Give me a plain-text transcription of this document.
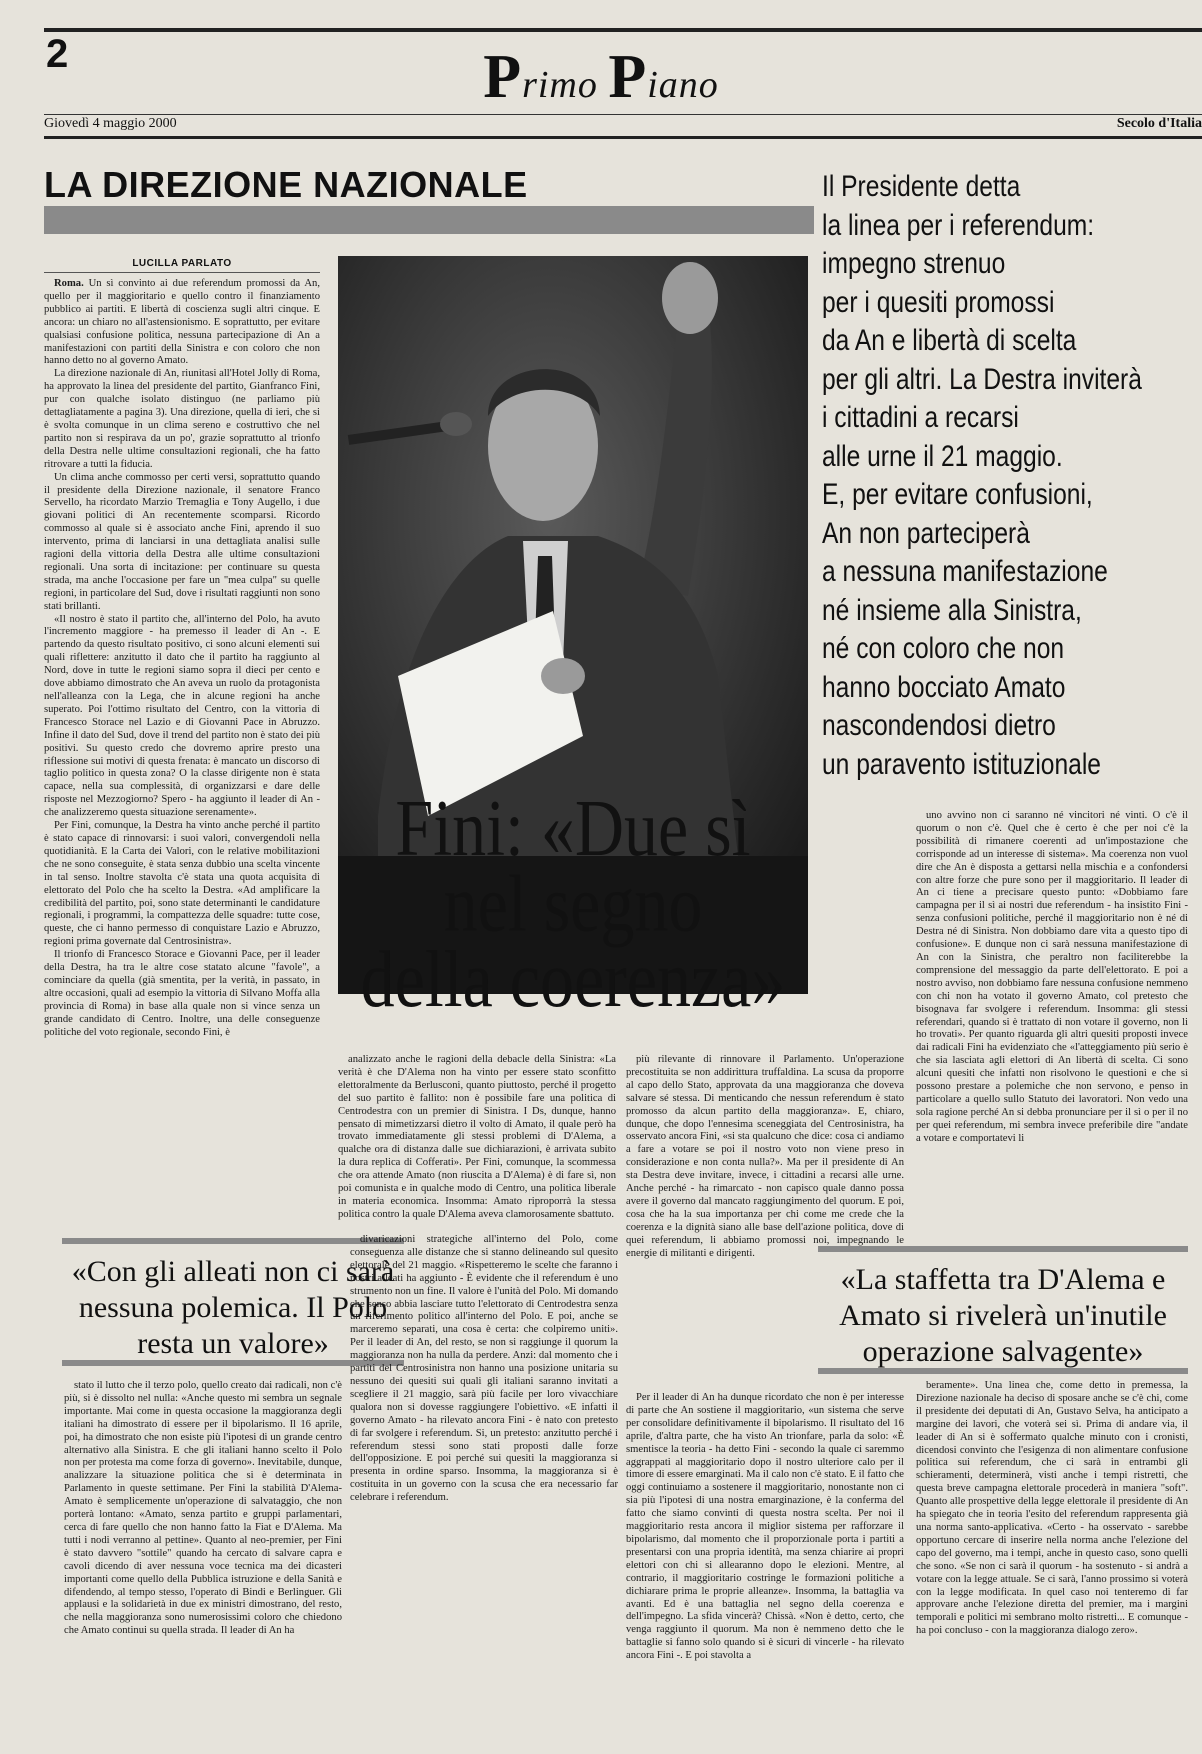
2	Primo Piano
Giovedì 4 maggio 2000	Secolo d'Italia
LA DIREZIONE NAZIONALE	Il Presidente detta
la linea per i referendum:
impegno strenuo
per i quesiti promossi
da An e libertà di scelta
per gli altri. La Destra inviterà
i cittadini a recarsi
alle urne il 21 maggio.
E, per evitare confusioni,
An non parteciperà
a nessuna manifestazione
né insieme alla Sinistra,
né con coloro che non
hanno bocciato Amato
nascondendosi dietro
un paravento istituzionale
LUCILLA PARLATO

Roma. Un sì convinto ai due referendum promossi da An, quello per il maggioritario e quello contro il finanziamento pubblico ai partiti. E libertà di coscienza sugli altri cinque. E ancora: un chiaro no all'astensionismo. E soprattutto, per evitare qualsiasi confusione politica, nessuna partecipazione di An a manifestazioni con partiti della Sinistra e con coloro che non hanno detto no al governo Amato.

La direzione nazionale di An, riunitasi all'Hotel Jolly di Roma, ha approvato la linea del presidente del partito, Gianfranco Fini, pur con qualche isolato distinguo (ne parliamo più dettagliatamente a pagina 3). Una direzione, quella di ieri, che si è svolta comunque in un clima sereno e costruttivo che nel partito non si respirava da un po', grazie soprattutto al trionfo della Destra nelle ultime consultazioni regionali, che ha fatto ritrovare a tutti la fiducia.

Un clima anche commosso per certi versi, soprattutto quando il presidente della Direzione nazionale, il senatore Franco Servello, ha ricordato Marzio Tremaglia e Tony Augello, i due giovani politici di An recentemente scomparsi. Ricordo commosso al quale si è associato anche Fini, aprendo il suo intervento, prima di lanciarsi in una dettagliata analisi sulle ragioni della vittoria della Destra alle ultime consultazioni regionali. Una sorta di incitazione: per continuare su questa strada, ma anche l'occasione per fare un "mea culpa" su quelle regioni, in particolare del Sud, dove i risultati raggiunti non sono stati brillanti.

«Il nostro è stato il partito che, all'interno del Polo, ha avuto l'incremento maggiore - ha premesso il leader di An -. E partendo da questo risultato positivo, ci sono alcuni elementi sui quali riflettere: anzitutto il dato che il partito ha raggiunto al Nord, dove in tutte le regioni siamo sopra il dieci per cento e dove abbiamo dimostrato che An aveva un ruolo da protagonista nell'alleanza con la Lega, che in alcune regioni ha anche superato. Poi l'ottimo risultato del Centro, con la vittoria di Francesco Storace nel Lazio e di Giovanni Pace in Abruzzo. Infine il dato del Sud, dove il trend del partito non è stato dei più positivi. Su questo credo che dovremo aprire presto una riflessione sui motivi di questa frenata: è mancato un discorso di taglio politico in questa zona? O la classe dirigente non è stata capace, nella sua complessità, di organizzarsi e dare delle risposte nel Mezzogiorno? Spero - ha aggiunto il leader di An - che analizzeremo questa situazione serenamente».

Per Fini, comunque, la Destra ha vinto anche perché il partito è stato capace di rinnovarsi: i suoi valori, convergendoli nella quotidianità. E la Carta dei Valori, con le relative mobilitazioni che ne sono conseguite, è stata senza dubbio una scelta vincente in tal senso. Inoltre stavolta c'è stata una quota acquisita di elettorato del Polo che ha scelto la Destra. «Ad amplificare la credibilità del partito, poi, sono state determinanti le candidature regionali, i programmi, la compattezza delle squadre: tutte cose, queste, che ci hanno permesso di conquistare Lazio e Abruzzo, regioni prima governate dal Centrosinistra».

Il trionfo di Francesco Storace e Giovanni Pace, per il leader della Destra, ha tra le altre cose statato alcune "favole", a cominciare da quella (già smentita, per la verità, in passato, in altre occasioni, quali ad esempio la vittoria di Silvano Moffa alla provincia di Roma) in base alla quale non si vince senza un grande candidato di Centro. Inoltre, una delle conseguenze politiche del voto regionale, secondo Fini, è

Fini: «Due sì
nel segno
della coerenza»

analizzato anche le ragioni della debacle della Sinistra: «La verità è che D'Alema non ha vinto per essere stato sconfitto elettoralmente da Berlusconi, quanto piuttosto, perché il progetto del suo partito è fallito: non è possibile fare una politica di Centrodestra con un premier di Sinistra. I Ds, dunque, hanno pensato di mimetizzarsi dietro il volto di Amato, il quale però ha trovato immediatamente gli stessi problemi di D'Alema, a qualche ora di distanza dalle sue dichiarazioni, è arrivata subito la dura replica di Cofferati». Per Fini, comunque, la scommessa che ora attende Amato (non riuscita a D'Alema) è di fare sì, non poi comunista e in qualche modo di Centro, una politica liberale in materia economica. Insomma: Amato riproporrà la stessa politica contro la quale D'Alema aveva clamorosamente sbattuto.

più rilevante di rinnovare il Parlamento. Un'operazione precostituita se non addirittura truffaldina. La scusa da proporre al capo dello Stato, approvata da una maggioranza che doveva salvare sé stessa. Di menticando che nessun referendum è stato promosso da alcun partito della maggioranza». E, chiaro, dunque, che dopo l'ennesima sceneggiata del Centrosinistra, ha osservato ancora Fini, «si sta qualcuno che dice: cosa ci andiamo a fare a votare se poi il nostro voto non viene preso in considerazione e non conta nulla?». Ma per il presidente di An sta Destra deve invitare, invece, i cittadini a recarsi alle urne. Anche perché - ha rimarcato - non capisco quale danno possa avere il governo dal mancato raggiungimento del quorum. E poi, cosa che ha la sua importanza per chi come me crede che la coerenza e la dignità siano alle base dell'azione politica, dove di quei referendum, li abbiamo promossi noi, impegnando le energie di militanti e dirigenti.

uno avvino non ci saranno né vincitori né vinti. O c'è il quorum o non c'è. Quel che è certo è che per noi c'è la possibilità di rimanere coerenti ad un'impostazione che corrisponde ad un interesse di sistema». Ma coerenza non vuol dire che An è disposta a gettarsi nella mischia e a confondersi con altre forze che pure sono per il maggioritario. Il leader di An ci tiene a precisare questo punto: «Dobbiamo fare campagna per il sì ai nostri due referendum - ha insistito Fini - senza confusioni politiche, perché il maggioritario non è né di Destra né di Sinistra. Non dobbiamo dare vita a questo tipo di confusione». E dunque non ci sarà nessuna manifestazione di An con la Sinistra, che peraltro non faciliterebbe la comprensione del messaggio da parte dell'elettorato. E poi a nostro avviso, non dobbiamo fare nessuna confusione nemmeno con chi non ha votato il governo Amato, col pretesto che bisognava far svolgere i referendum. Insomma: gli stessi referendari, quando si è trattato di non votare il governo, non li ho trovati». Per quanto riguarda gli altri quesiti proposti invece dai radicali Fini ha evidenziato che «l'atteggiamento più serio è che sia lasciata agli elettori di An libertà di scelta. Ci sono alcuni quesiti che infatti non risolvono le questioni e che si possono prestare a polemiche che non servono, e penso in particolare a quello sullo Statuto dei lavoratori. Non vedo una sola ragione perché An si debba pronunciare per il sì o per il no per quei referendum, mi sembra invece preferibile dire "andate a votare e comportatevi li

«Con gli alleati non ci sarà nessuna polemica. Il Polo resta un valore»
«La staffetta tra D'Alema e Amato si rivelerà un'inutile operazione salvagente»

stato il lutto che il terzo polo, quello creato dai radicali, non c'è più, si è dissolto nel nulla: «Anche questo mi sembra un segnale importante. Mai come in questa occasione la maggioranza degli italiani ha dimostrato di essere per il bipolarismo. Il 16 aprile, poi, ha dimostrato che non esiste più l'ipotesi di un grande centro alternativo alla Sinistra. E che gli italiani hanno scelto il Polo non per protesta ma come forza di governo». Inevitabile, dunque, analizzare la situazione politica che si è determinata in Parlamento in queste settimane. Per Fini la stabilità D'Alema-Amato è semplicemente un'operazione di salvataggio, che non porterà lontano: «Amato, senza partito e gruppi parlamentari, cerca di fare quello che non hanno fatto la Fiat e D'Alema. Ma tutti i nodi verranno al pettine». Quanto al neo-premier, per Fini è stato davvero "sottile" quando ha cercato di salvare capra e cavoli dicendo di aver nessuna voce tecnica ma dei dicasteri importanti come quello della Pubblica istruzione e della Sanità e difendendo, al tempo stesso, l'operato di Bindi e Berlinguer. Gli applausi e la solidarietà in due ex ministri dimostrano, del resto, che nella maggioranza sono numerosissimi coloro che chiedono che Amato continui su quella strada. Il leader di An ha

divaricazioni strategiche all'interno del Polo, come conseguenza alle distanze che si stanno delineando sul quesito elettorale del 21 maggio. «Rispetteremo le scelte che faranno i nostri alleati ha aggiunto - È evidente che il referendum è uno strumento non un fine. Il valore è l'unità del Polo. Mi domando che senso abbia lasciare tutto l'elettorato di Centrodestra senza un riferimento politico all'interno del Polo. E poi, anche se marceremo separati, una cosa è certa: che colpiremo uniti». Per il leader di An, del resto, se non si raggiunge il quorum la maggioranza non ha nulla da perdere. Anzi: dal momento che i partiti del Centrosinistra non hanno una posizione unitaria su nessuno dei quesiti sui quali gli italiani saranno invitati a scegliere il 21 maggio, sarà più facile per loro vivacchiare qualora non si dovesse raggiungere l'obiettivo. «E infatti il governo Amato - ha rilevato ancora Fini - è nato con pretesto di far svolgere i referendum. Si, un pretesto: anzitutto perché i referendum stessi sono stati proposti dalle forze dell'opposizione. E poi perché sui quesiti la maggioranza si presenta in ordine sparso. Insomma, la maggioranza si è costituita in un governo con la scusa che era necessario far celebrare i referendum.

Per il leader di An ha dunque ricordato che non è per interesse di parte che An sostiene il maggioritario, «un sistema che serve per consolidare definitivamente il bipolarismo. Il risultato del 16 aprile, d'altra parte, che ha visto An trionfare, parla da solo: «È smentisce la teoria - ha detto Fini - secondo la quale ci saremmo aggrappati al maggioritario dopo il nostro ulteriore calo per il timore di essere emarginati. Ma il calo non c'è stato. E il fatto che oggi continuiamo a sostenere il maggioritario, nonostante non ci sia più l'ipotesi di una nostra emarginazione, è la conferma del fatto che siamo convinti di questa nostra scelta. Per noi il maggioritario resta ancora il miglior sistema per rafforzare il bipolarismo, dal momento che il proporzionale porta i partiti a presentarsi con una propria identità, ma senza chiarire ai propri elettori con chi si allearanno dopo le elezioni. Mentre, al contrario, il maggioritario costringe le formazioni politiche a dichiarare prima le proprie alleanze». Insomma, la battaglia va avanti. Ed è una battaglia nel segno della coerenza e dell'impegno. La sfida vincerà? Chissà. «Non è detto, certo, che venga raggiunto il quorum. Ma non è nemmeno detto che le battaglie si fanno solo quando si è sicuri di vincerle - ha rilevato ancora Fini -. E poi stavolta a

beramente». Una linea che, come detto in premessa, la Direzione nazionale ha deciso di sposare anche se c'è chi, come il presidente dei deputati di An, Gustavo Selva, ha anticipato a margine dei lavori, che voterà sei sì. Prima di andare via, il leader di An si è soffermato qualche minuto con i cronisti, dicendosi convinto che l'esigenza di non alimentare confusione politica sui referendum, che ci sarà in entrambi gli schieramenti, determinerà, visti anche i tempi ristretti, che questa breve campagna elettorale procederà in maniera "soft". Quanto alle prospettive della legge elettorale il presidente di An ha spiegato che in teoria l'esito del referendum rappresenta già una norma santo-applicativa. «Certo - ha osservato - sarebbe opportuno cercare di inserire nella norma anche l'elezione del capo del governo, ma i tempi, anche in questo caso, sono quelli che sono. «Se non ci sarà il quorum - ha sostenuto - si andrà a votare con la legge attuale. Se ci sarà, l'anno prossimo si voterà con la legge modificata. In quel caso noi tenteremo di far approvare anche l'elezione diretta del premier, ma i margini temporali e politici mi sembrano molto ristretti... E comunque - ha poi concluso - con la maggioranza dialogo zero».
